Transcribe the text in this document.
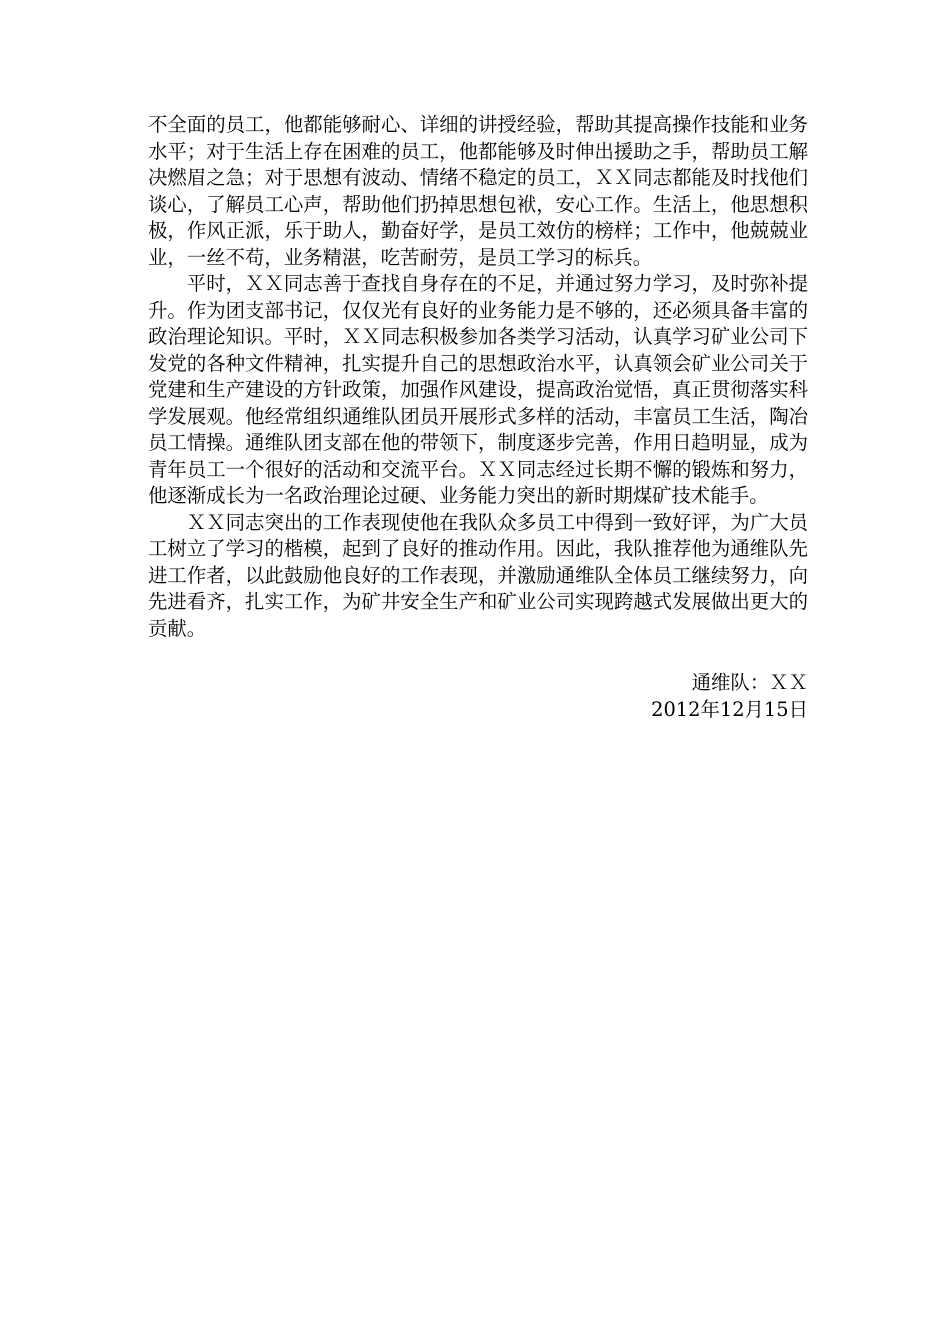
不全面的员工，他都能够耐心、详细的讲授经验，帮助其提高操作技能和业务水平；对于生活上存在困难的员工，他都能够及时伸出援助之手，帮助员工解决燃眉之急；对于思想有波动、情绪不稳定的员工，ＸＸ同志都能及时找他们谈心，了解员工心声，帮助他们扔掉思想包袱，安心工作。生活上，他思想积极，作风正派，乐于助人，勤奋好学，是员工效仿的榜样；工作中，他兢兢业业，一丝不苟，业务精湛，吃苦耐劳，是员工学习的标兵。

平时，ＸＸ同志善于查找自身存在的不足，并通过努力学习，及时弥补提升。作为团支部书记，仅仅光有良好的业务能力是不够的，还必须具备丰富的政治理论知识。平时，ＸＸ同志积极参加各类学习活动，认真学习矿业公司下发党的各种文件精神，扎实提升自己的思想政治水平，认真领会矿业公司关于党建和生产建设的方针政策，加强作风建设，提高政治觉悟，真正贯彻落实科学发展观。他经常组织通维队团员开展形式多样的活动，丰富员工生活，陶冶员工情操。通维队团支部在他的带领下，制度逐步完善，作用日趋明显，成为青年员工一个很好的活动和交流平台。ＸＸ同志经过长期不懈的锻炼和努力，他逐渐成长为一名政治理论过硬、业务能力突出的新时期煤矿技术能手。

ＸＸ同志突出的工作表现使他在我队众多员工中得到一致好评，为广大员工树立了学习的楷模，起到了良好的推动作用。因此，我队推荐他为通维队先进工作者，以此鼓励他良好的工作表现，并激励通维队全体员工继续努力，向先进看齐，扎实工作，为矿井安全生产和矿业公司实现跨越式发展做出更大的贡献。

通维队：ＸＸ
2012年12月15日
